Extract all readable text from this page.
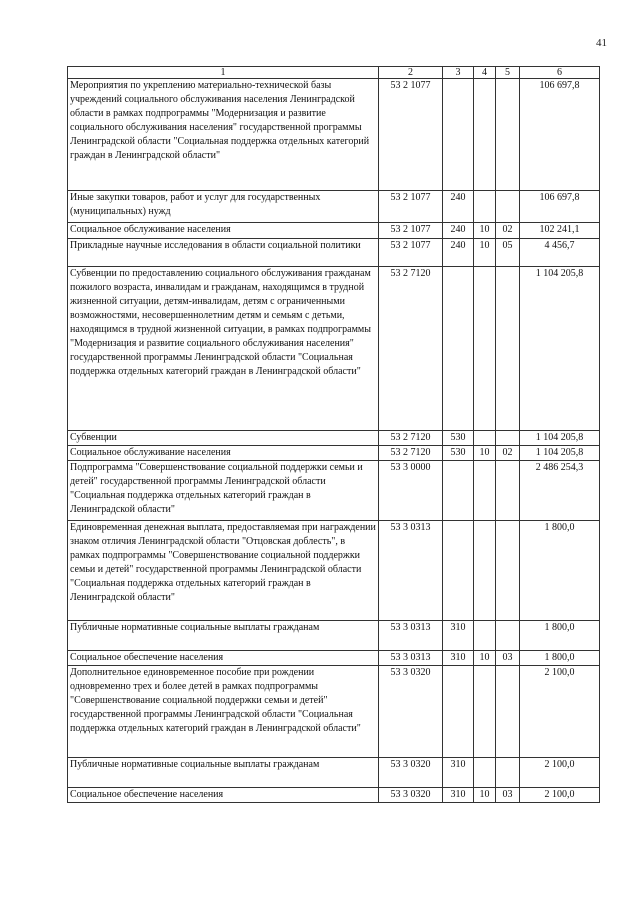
41
1	2	3	4	5	6
Мероприятия по укреплению материально-технической базы учреждений социального обслуживания населения Ленинградской области в рамках подпрограммы "Модернизация и развитие социального обслуживания населения" государственной программы Ленинградской области "Социальная поддержка отдельных категорий граждан в Ленинградской области"	53 2 1077				106 697,8
Иные закупки товаров, работ и услуг для государственных (муниципальных) нужд	53 2 1077	240			106 697,8
Социальное обслуживание населения	53 2 1077	240	10	02	102 241,1
Прикладные научные исследования в области социальной политики	53 2 1077	240	10	05	4 456,7
Субвенции по предоставлению социального обслуживания гражданам пожилого возраста, инвалидам и гражданам, находящимся в трудной жизненной ситуации, детям-инвалидам, детям с ограниченными возможностями, несовершеннолетним детям и семьям с детьми, находящимся в трудной жизненной ситуации, в рамках подпрограммы "Модернизация и развитие социального обслуживания населения" государственной программы Ленинградской области "Социальная поддержка отдельных категорий граждан в Ленинградской области"	53 2 7120				1 104 205,8
Субвенции	53 2 7120	530			1 104 205,8
Социальное обслуживание населения	53 2 7120	530	10	02	1 104 205,8
Подпрограмма "Совершенствование социальной поддержки семьи и детей" государственной программы Ленинградской области "Социальная поддержка отдельных категорий граждан в Ленинградской области"	53 3 0000				2 486 254,3
Единовременная денежная выплата, предоставляемая при награждении знаком отличия Ленинградской области "Отцовская доблесть", в рамках подпрограммы "Совершенствование социальной поддержки семьи и детей" государственной программы Ленинградской области "Социальная поддержка отдельных категорий граждан в Ленинградской области"	53 3 0313				1 800,0
Публичные нормативные социальные выплаты гражданам	53 3 0313	310			1 800,0
Социальное обеспечение населения	53 3 0313	310	10	03	1 800,0
Дополнительное единовременное пособие при рождении одновременно трех и более детей в рамках подпрограммы "Совершенствование социальной поддержки семьи и детей" государственной программы Ленинградской области "Социальная поддержка отдельных категорий граждан в Ленинградской области"	53 3 0320				2 100,0
Публичные нормативные социальные выплаты гражданам	53 3 0320	310			2 100,0
Социальное обеспечение населения	53 3 0320	310	10	03	2 100,0
